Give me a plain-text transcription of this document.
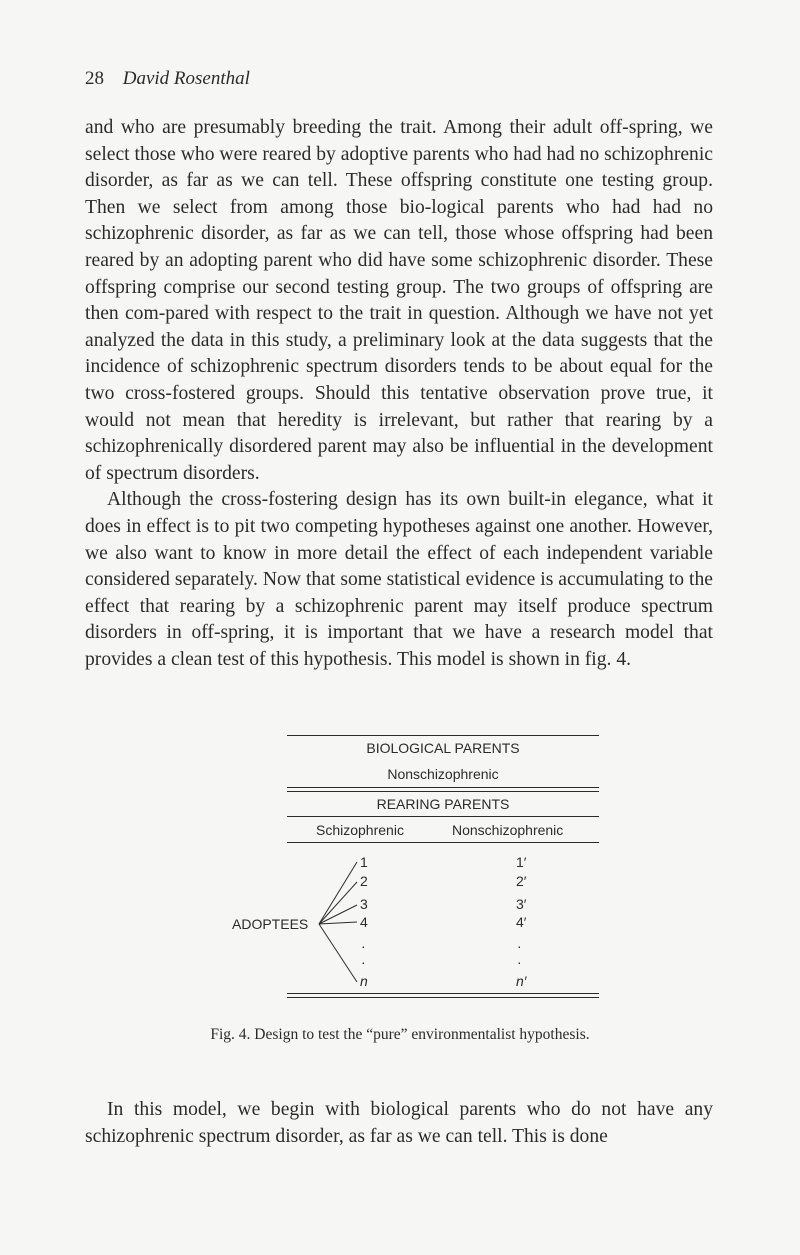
28 David Rosenthal

and who are presumably breeding the trait. Among their adult off-spring, we select those who were reared by adoptive parents who had had no schizophrenic disorder, as far as we can tell. These offspring constitute one testing group. Then we select from among those bio-logical parents who had had no schizophrenic disorder, as far as we can tell, those whose offspring had been reared by an adopting parent who did have some schizophrenic disorder. These offspring comprise our second testing group. The two groups of offspring are then com-pared with respect to the trait in question. Although we have not yet analyzed the data in this study, a preliminary look at the data suggests that the incidence of schizophrenic spectrum disorders tends to be about equal for the two cross-fostered groups. Should this tentative observation prove true, it would not mean that heredity is irrelevant, but rather that rearing by a schizophrenically disordered parent may also be influential in the development of spectrum disorders.

Although the cross-fostering design has its own built-in elegance, what it does in effect is to pit two competing hypotheses against one another. However, we also want to know in more detail the effect of each independent variable considered separately. Now that some statistical evidence is accumulating to the effect that rearing by a schizophrenic parent may itself produce spectrum disorders in off-spring, it is important that we have a research model that provides a clean test of this hypothesis. This model is shown in fig. 4.

BIOLOGICAL PARENTS
Nonschizophrenic
REARING PARENTS
Schizophrenic	Nonschizophrenic
ADOPTEES
1
2
3
4
·
·
n
1′
2′
3′
4′
·
·
n′
Fig. 4. Design to test the “pure” environmentalist hypothesis.

In this model, we begin with biological parents who do not have any schizophrenic spectrum disorder, as far as we can tell. This is done
